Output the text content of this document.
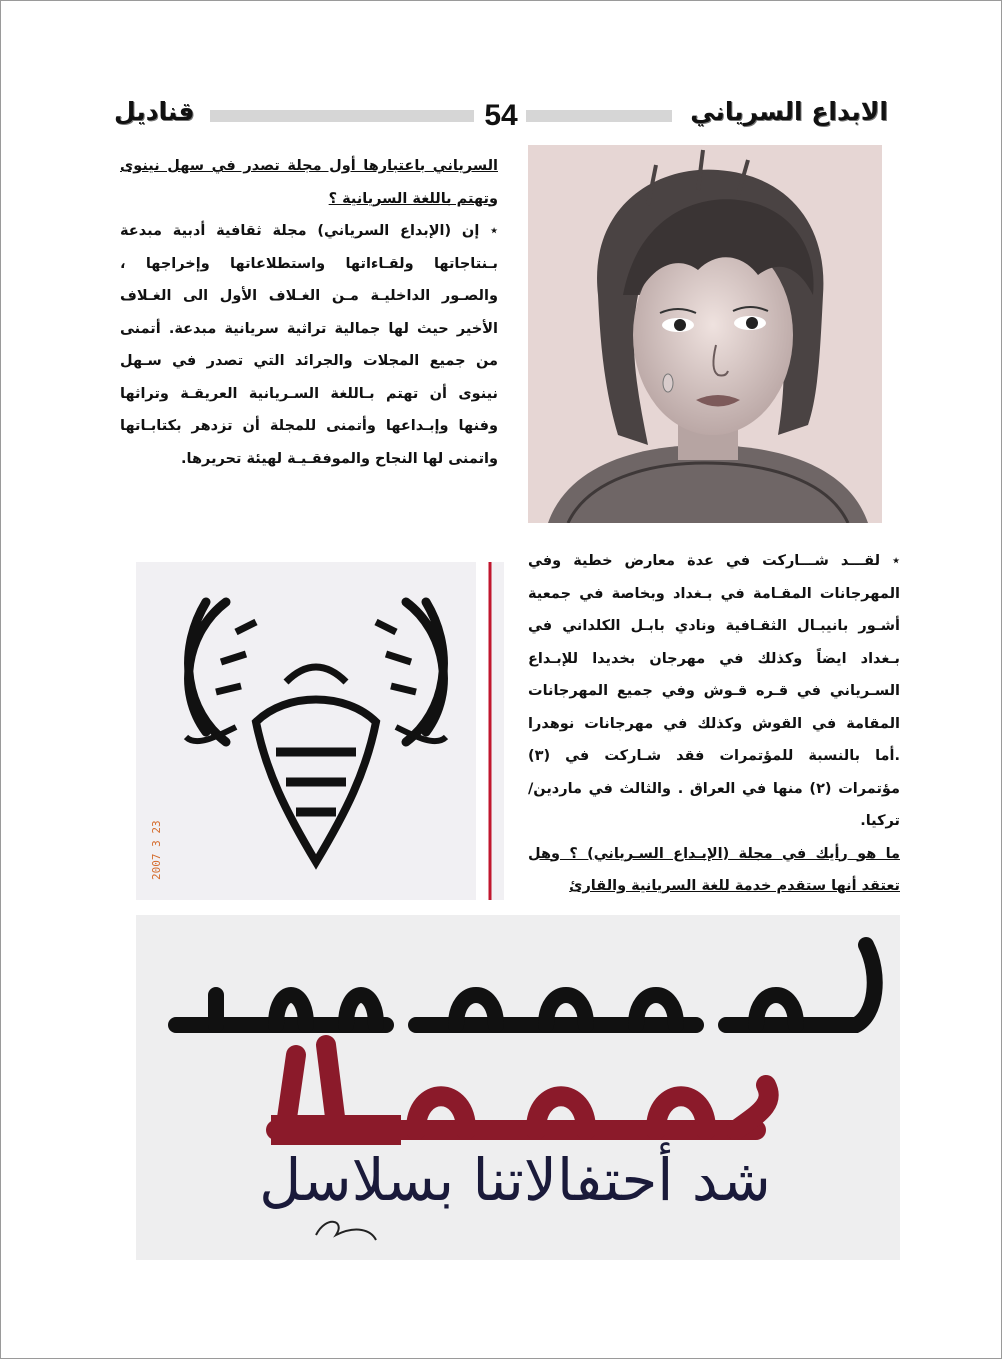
الابداع السرياني
54
قناديل

السرياني باعتبارها أول مجلة تصدر في سهل نينوى وتهتم باللغة السريانية ؟

٭ إن (الإبداع السرياني) مجلة ثقافية أدبية مبدعة بـنتاجاتها ولقـاءاتها واستطلاعاتها وإخراجها ، والصـور الداخليـة مـن الغـلاف الأول الى الغـلاف الأخير حيث لها جمالية تراثية سريانية مبدعة. أتمنى من جميع المجلات والجرائد التي تصدر في سـهل نينوى أن تهتم بـاللغة السـريانية العريقـة وتراثها وفنها وإبـداعها وأتمنى للمجلة أن تزدهر بكتابـاتها واتمنى لها النجاح والموفقـيـة لهيئة تحريرها.

2007 3 23

٭ لقـــد شـــاركت في عدة معارض خطية وفي المهرجانات المقـامة في بـغداد وبخاصة في جمعية أشـور بانيبـال الثقـافية ونادي بابـل الكلداني في بـغداد ايضاً وكذلك في مهرجان بخديدا للإبـداع السـرياني في قـره قـوش وفي جميع المهرجانات المقامة في القوش وكذلك في مهرجانات نوهدرا .أما بالنسبة للمؤتمرات فقد شـاركت في (٣) مؤتمرات (٢) منها في العراق . والثالث في ماردين/ تركيا.

ما هو رأيك في مجلة (الإبـداع السـرياني) ؟ وهل تعتقد أنها ستقدم خدمة للغة السريانية والقارئ

شد أحتفالاتنا بسلاسل
